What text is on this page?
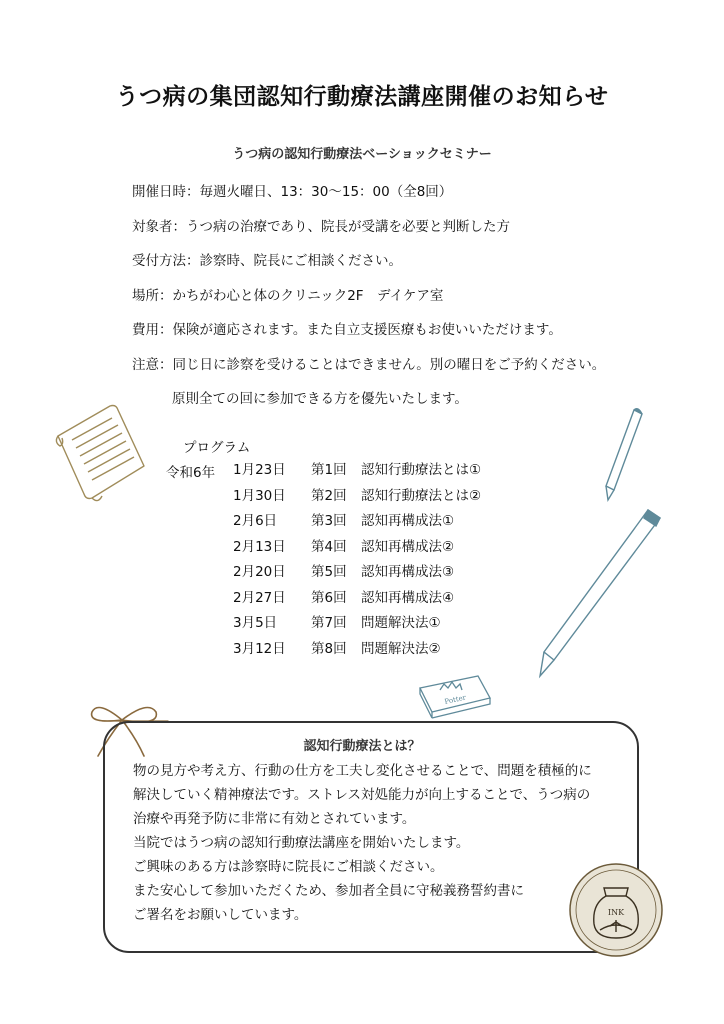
うつ病の集団認知行動療法講座開催のお知らせ
うつ病の認知行動療法ベーショックセミナー
開催日時：毎週火曜日、13：30〜15：00（全8回）
対象者：うつ病の治療であり、院長が受講を必要と判断した方
受付方法：診察時、院長にご相談ください。
場所：かちがわ心と体のクリニック2F　デイケア室
費用：保険が適応されます。また自立支援医療もお使いいただけます。
注意：同じ日に診察を受けることはできません。別の曜日をご予約ください。
原則全ての回に参加できる方を優先いたします。
プログラム
令和6年 1月23日	第1回	認知行動療法とは①
1月30日	第2回	認知行動療法とは②
2月6日	第3回	認知再構成法①
2月13日	第4回	認知再構成法②
2月20日	第5回	認知再構成法③
2月27日	第6回	認知再構成法④
3月5日	第7回	問題解決法①
3月12日	第8回	問題解決法②
Potter
認知行動療法とは？
物の見方や考え方、行動の仕方を工夫し変化させることで、問題を積極的に
解決していく精神療法です。ストレス対処能力が向上することで、うつ病の
治療や再発予防に非常に有効とされています。
当院ではうつ病の認知行動療法講座を開始いたします。
ご興味のある方は診察時に院長にご相談ください。
また安心して参加いただくため、参加者全員に守秘義務誓約書に
ご署名をお願いしています。	INK
